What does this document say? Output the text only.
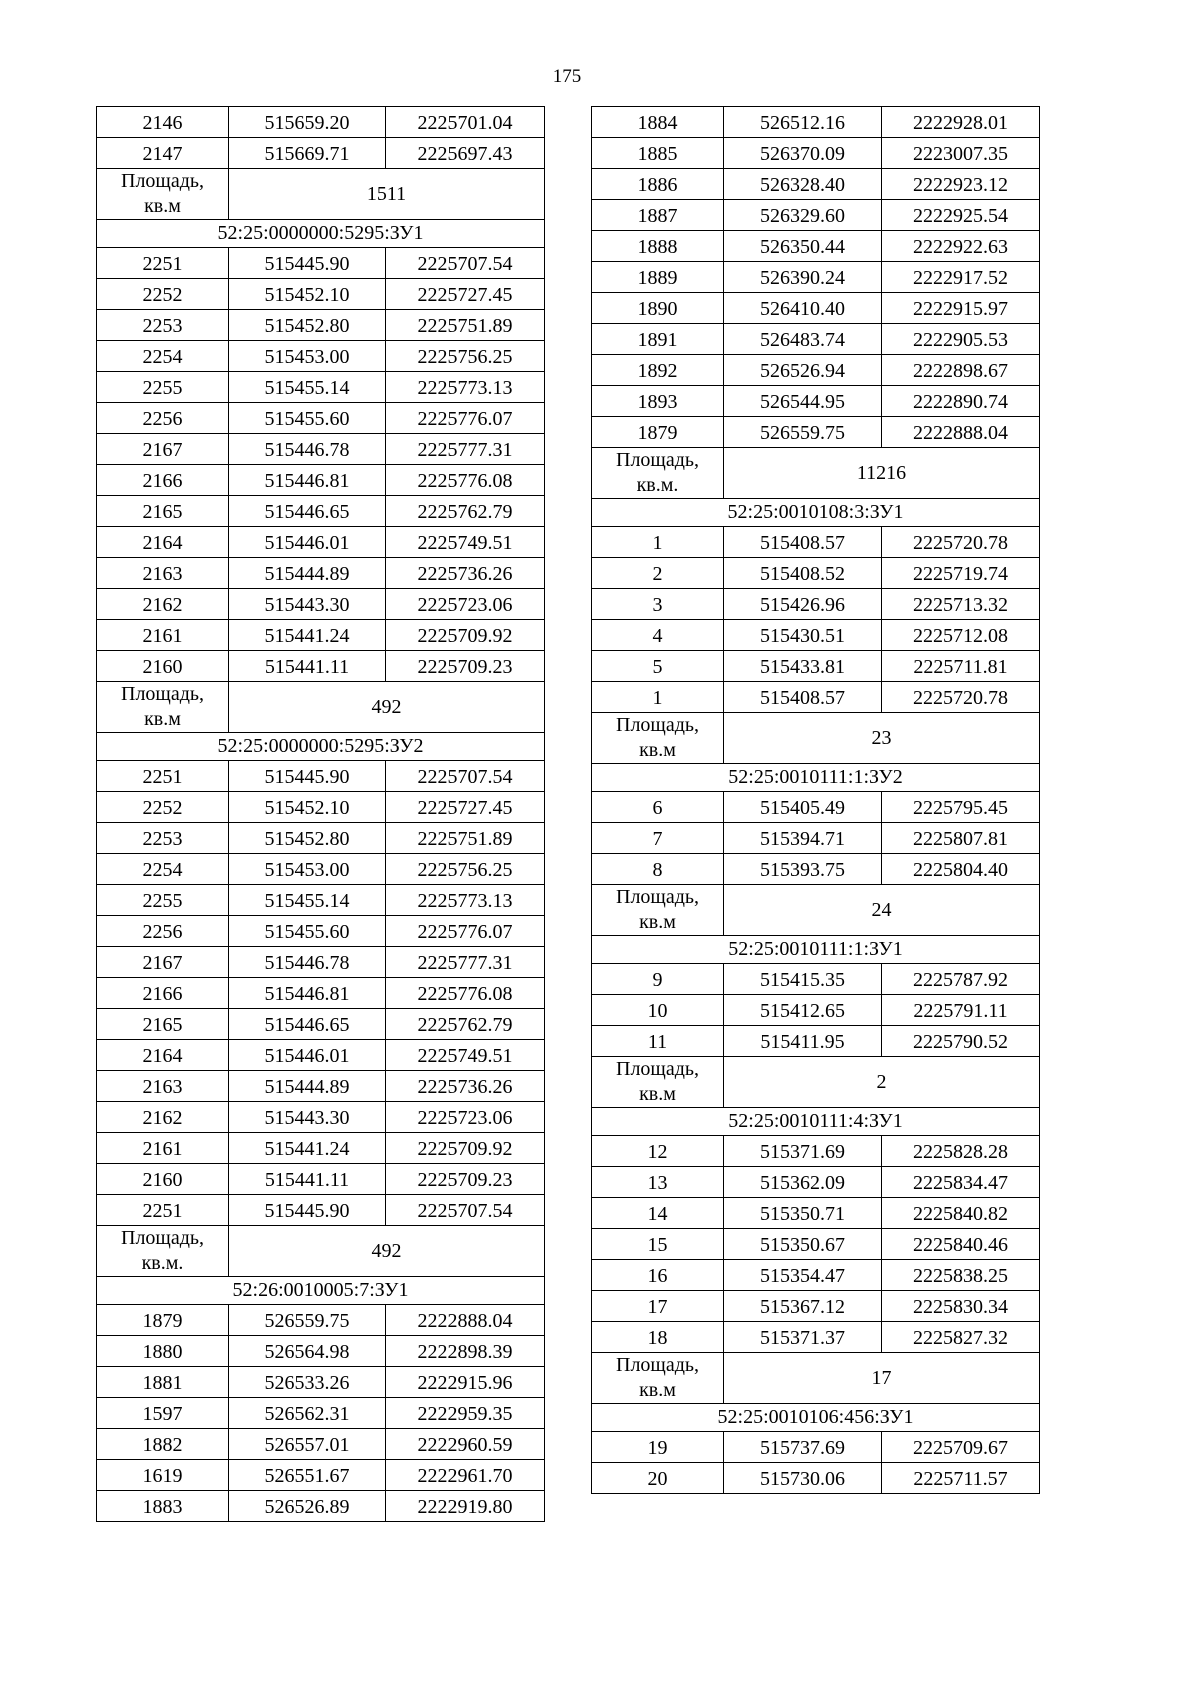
175
2146	515659.20	2225701.04
2147	515669.71	2225697.43
Площадь,
кв.м	1511	
52:25:0000000:5295:ЗУ1		
2251	515445.90	2225707.54
2252	515452.10	2225727.45
2253	515452.80	2225751.89
2254	515453.00	2225756.25
2255	515455.14	2225773.13
2256	515455.60	2225776.07
2167	515446.78	2225777.31
2166	515446.81	2225776.08
2165	515446.65	2225762.79
2164	515446.01	2225749.51
2163	515444.89	2225736.26
2162	515443.30	2225723.06
2161	515441.24	2225709.92
2160	515441.11	2225709.23
Площадь,
кв.м	492	
52:25:0000000:5295:ЗУ2		
2251	515445.90	2225707.54
2252	515452.10	2225727.45
2253	515452.80	2225751.89
2254	515453.00	2225756.25
2255	515455.14	2225773.13
2256	515455.60	2225776.07
2167	515446.78	2225777.31
2166	515446.81	2225776.08
2165	515446.65	2225762.79
2164	515446.01	2225749.51
2163	515444.89	2225736.26
2162	515443.30	2225723.06
2161	515441.24	2225709.92
2160	515441.11	2225709.23
2251	515445.90	2225707.54
Площадь,
кв.м.	492	
52:26:0010005:7:ЗУ1		
1879	526559.75	2222888.04
1880	526564.98	2222898.39
1881	526533.26	2222915.96
1597	526562.31	2222959.35
1882	526557.01	2222960.59
1619	526551.67	2222961.70
1883	526526.89	2222919.80
1884	526512.16	2222928.01
1885	526370.09	2223007.35
1886	526328.40	2222923.12
1887	526329.60	2222925.54
1888	526350.44	2222922.63
1889	526390.24	2222917.52
1890	526410.40	2222915.97
1891	526483.74	2222905.53
1892	526526.94	2222898.67
1893	526544.95	2222890.74
1879	526559.75	2222888.04
Площадь,
кв.м.	11216	
52:25:0010108:3:ЗУ1		
1	515408.57	2225720.78
2	515408.52	2225719.74
3	515426.96	2225713.32
4	515430.51	2225712.08
5	515433.81	2225711.81
1	515408.57	2225720.78
Площадь,
кв.м	23	
52:25:0010111:1:ЗУ2		
6	515405.49	2225795.45
7	515394.71	2225807.81
8	515393.75	2225804.40
Площадь,
кв.м	24	
52:25:0010111:1:ЗУ1		
9	515415.35	2225787.92
10	515412.65	2225791.11
11	515411.95	2225790.52
Площадь,
кв.м	2	
52:25:0010111:4:ЗУ1		
12	515371.69	2225828.28
13	515362.09	2225834.47
14	515350.71	2225840.82
15	515350.67	2225840.46
16	515354.47	2225838.25
17	515367.12	2225830.34
18	515371.37	2225827.32
Площадь,
кв.м	17	
52:25:0010106:456:ЗУ1		
19	515737.69	2225709.67
20	515730.06	2225711.57
